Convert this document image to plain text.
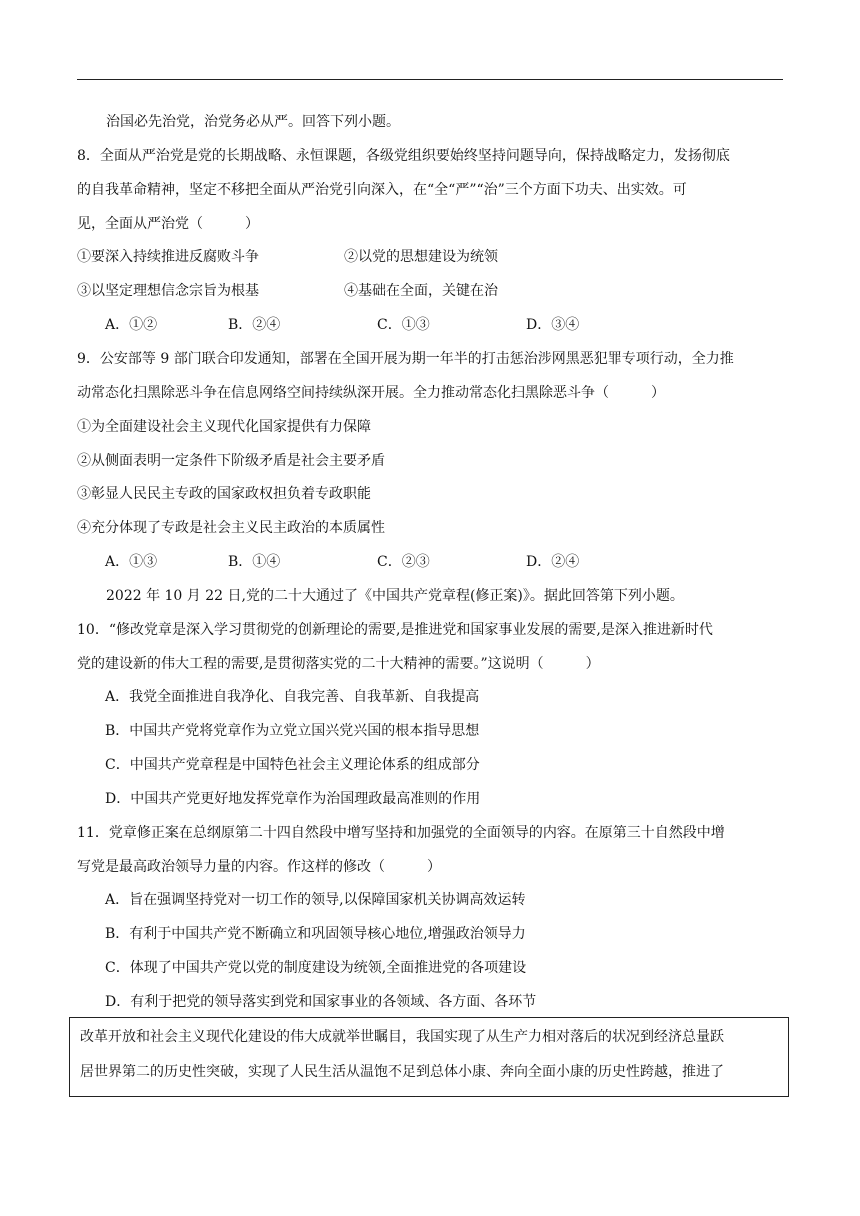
治国必先治党，治党务必从严。回答下列小题。
8．全面从严治党是党的长期战略、永恒课题，各级党组织要始终坚持问题导向，保持战略定力，发扬彻底
的自我革命精神，坚定不移把全面从严治党引向深入，在“全“严”“治”三个方面下功夫、出实效。可
见，全面从严治党（　　　）
①要深入持续推进反腐败斗争	②以党的思想建设为统领
③以坚定理想信念宗旨为根基	④基础在全面，关键在治
A．①②	B．②④	C．①③	D．③④
9．公安部等 9 部门联合印发通知，部署在全国开展为期一年半的打击惩治涉网黑恶犯罪专项行动，全力推
动常态化扫黑除恶斗争在信息网络空间持续纵深开展。全力推动常态化扫黑除恶斗争（　　　）
①为全面建设社会主义现代化国家提供有力保障
②从侧面表明一定条件下阶级矛盾是社会主要矛盾
③彰显人民民主专政的国家政权担负着专政职能
④充分体现了专政是社会主义民主政治的本质属性
A．①③	B．①④	C．②③	D．②④
2022 年 10 月 22 日,党的二十大通过了《中国共产党章程(修正案)》。据此回答第下列小题。
10．“修改党章是深入学习贯彻党的创新理论的需要,是推进党和国家事业发展的需要,是深入推进新时代
党的建设新的伟大工程的需要,是贯彻落实党的二十大精神的需要。”这说明（　　　）
A．我党全面推进自我净化、自我完善、自我革新、自我提高
B．中国共产党将党章作为立党立国兴党兴国的根本指导思想
C．中国共产党章程是中国特色社会主义理论体系的组成部分
D．中国共产党更好地发挥党章作为治国理政最高准则的作用
11．党章修正案在总纲原第二十四自然段中增写坚持和加强党的全面领导的内容。在原第三十自然段中增
写党是最高政治领导力量的内容。作这样的修改（　　　）
A．旨在强调坚持党对一切工作的领导,以保障国家机关协调高效运转
B．有利于中国共产党不断确立和巩固领导核心地位,增强政治领导力
C．体现了中国共产党以党的制度建设为统领,全面推进党的各项建设
D．有利于把党的领导落实到党和国家事业的各领域、各方面、各环节
改革开放和社会主义现代化建设的伟大成就举世瞩目，我国实现了从生产力相对落后的状况到经济总量跃
居世界第二的历史性突破，实现了人民生活从温饱不足到总体小康、奔向全面小康的历史性跨越，推进了
